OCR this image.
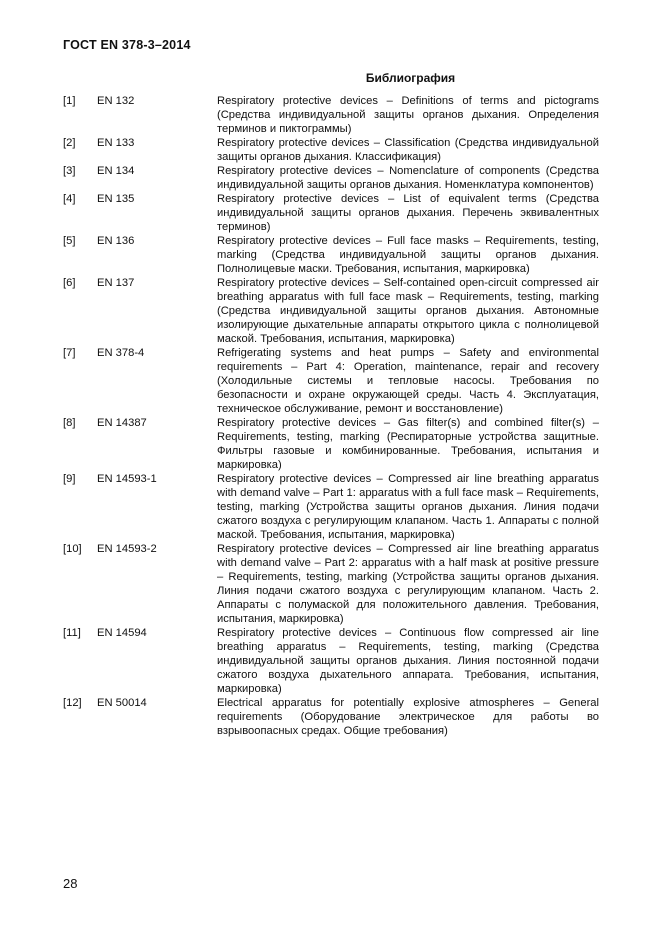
ГОСТ EN 378-3–2014
Библиография
[1]	EN 132	Respiratory protective devices – Definitions of terms and pictograms (Средства индивидуальной защиты органов дыхания. Определения терминов и пиктограммы)
[2]	EN 133	Respiratory protective devices – Classification (Средства индивидуальной защиты органов дыхания. Классификация)
[3]	EN 134	Respiratory protective devices – Nomenclature of components (Средства индивидуальной защиты органов дыхания. Номенклатура компонентов)
[4]	EN 135	Respiratory protective devices – List of equivalent terms (Средства индивидуальной защиты органов дыхания. Перечень эквивалентных терминов)
[5]	EN 136	Respiratory protective devices – Full face masks – Requirements, testing, marking (Средства индивидуальной защиты органов дыхания. Полнолицевые маски. Требования, испытания, маркировка)
[6]	EN 137	Respiratory protective devices – Self-contained open-circuit compressed air breathing apparatus with full face mask – Requirements, testing, marking (Средства индивидуальной защиты органов дыхания. Автономные изолирующие дыхательные аппараты открытого цикла с полнолицевой маской. Требования, испытания, маркировка)
[7]	EN 378-4	Refrigerating systems and heat pumps – Safety and environmental requirements – Part 4: Operation, maintenance, repair and recovery (Холодильные системы и тепловые насосы. Требования по безопасности и охране окружающей среды. Часть 4. Эксплуатация, техническое обслуживание, ремонт и восстановление)
[8]	EN 14387	Respiratory protective devices – Gas filter(s) and combined filter(s) – Requirements, testing, marking (Респираторные устройства защитные. Фильтры газовые и комбинированные. Требования, испытания и маркировка)
[9]	EN 14593-1	Respiratory protective devices – Compressed air line breathing apparatus with demand valve – Part 1: apparatus with a full face mask – Requirements, testing, marking (Устройства защиты органов дыхания. Линия подачи сжатого воздуха с регулирующим клапаном. Часть 1. Аппараты с полной маской. Требования, испытания, маркировка)
[10]	EN 14593-2	Respiratory protective devices – Compressed air line breathing apparatus with demand valve – Part 2: apparatus with a half mask at positive pressure – Requirements, testing, marking (Устройства защиты органов дыхания. Линия подачи сжатого воздуха с регулирующим клапаном. Часть 2. Аппараты с полумаской для положительного давления. Требования, испытания, маркировка)
[11]	EN 14594	Respiratory protective devices – Continuous flow compressed air line breathing apparatus – Requirements, testing, marking (Средства индивидуальной защиты органов дыхания. Линия постоянной подачи сжатого воздуха дыхательного аппарата. Требования, испытания, маркировка)
[12]	EN 50014	Electrical apparatus for potentially explosive atmospheres – General requirements (Оборудование электрическое для работы во взрывоопасных средах. Общие требования)
28
